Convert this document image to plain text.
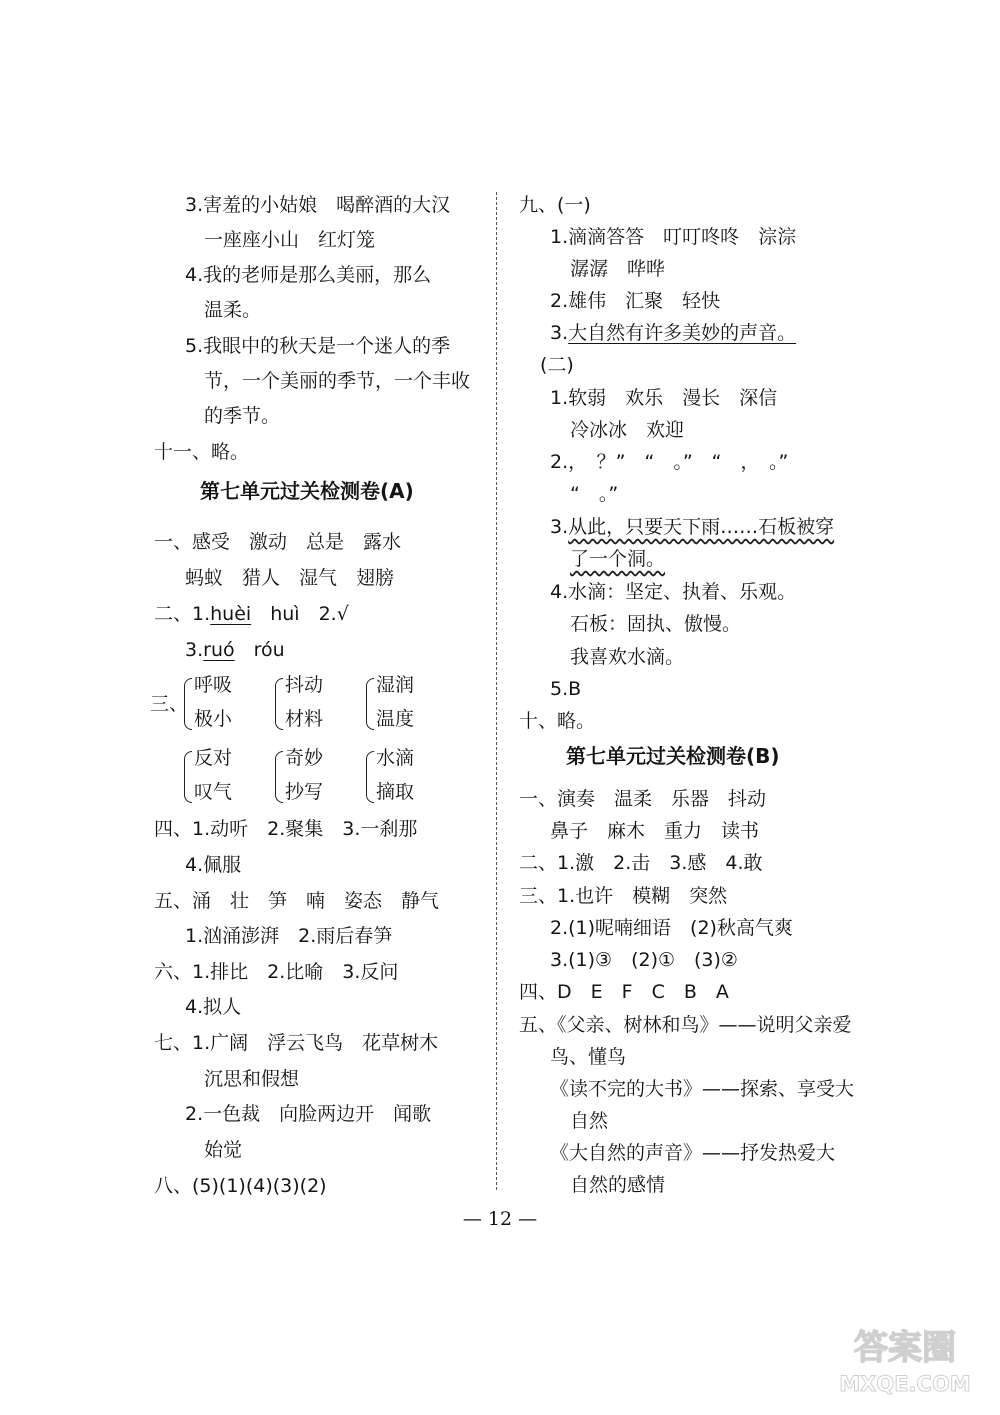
3.害羞的小姑娘　喝醉酒的大汉
一座座小山　红灯笼
4.我的老师是那么美丽，那么
温柔。
5.我眼中的秋天是一个迷人的季
节，一个美丽的季节，一个丰收
的季节。
十一、略。
第七单元过关检测卷(A)
一、感受　激动　总是　露水
蚂蚁　猎人　湿气　翅膀
二、1.huèi　huì　2.√
3.ruó　róu
三、
呼吸
极小
抖动
材料
湿润
温度
反对
叹气
奇妙
抄写
水滴
摘取
四、1.动听　2.聚集　3.一刹那
4.佩服
五、涌　壮　笋　喃　姿态　静气
1.汹涌澎湃　2.雨后春笋
六、1.排比　2.比喻　3.反问
4.拟人
七、1.广阔　浮云飞鸟　花草树木
沉思和假想
2.一色裁　向脸两边开　闻歌
始觉
八、(5)(1)(4)(3)(2)
九、(一)
1.滴滴答答　叮叮咚咚　淙淙
潺潺　哗哗
2.雄伟　汇聚　轻快
3.大自然有许多美妙的声音。
(二)
1.软弱　欢乐　漫长　深信
冷冰冰　欢迎
2.，　？”　“　。”　“　，　。”
“　。”
3.从此，只要天下雨……石板被穿
了一个洞。
4.水滴：坚定、执着、乐观。
石板：固执、傲慢。
我喜欢水滴。
5.B
十、略。
第七单元过关检测卷(B)
一、演奏　温柔　乐器　抖动
鼻子　麻木　重力　读书
二、1.激　2.击　3.感　4.敢
三、1.也许　模糊　突然
2.(1)呢喃细语　(2)秋高气爽
3.(1)③　(2)①　(3)②
四、D　E　F　C　B　A
五、《父亲、树林和鸟》——说明父亲爱
鸟、懂鸟
《读不完的大书》——探索、享受大
自然
《大自然的声音》——抒发热爱大
自然的感情
— 12 —
答案圈
MXQE.COM
